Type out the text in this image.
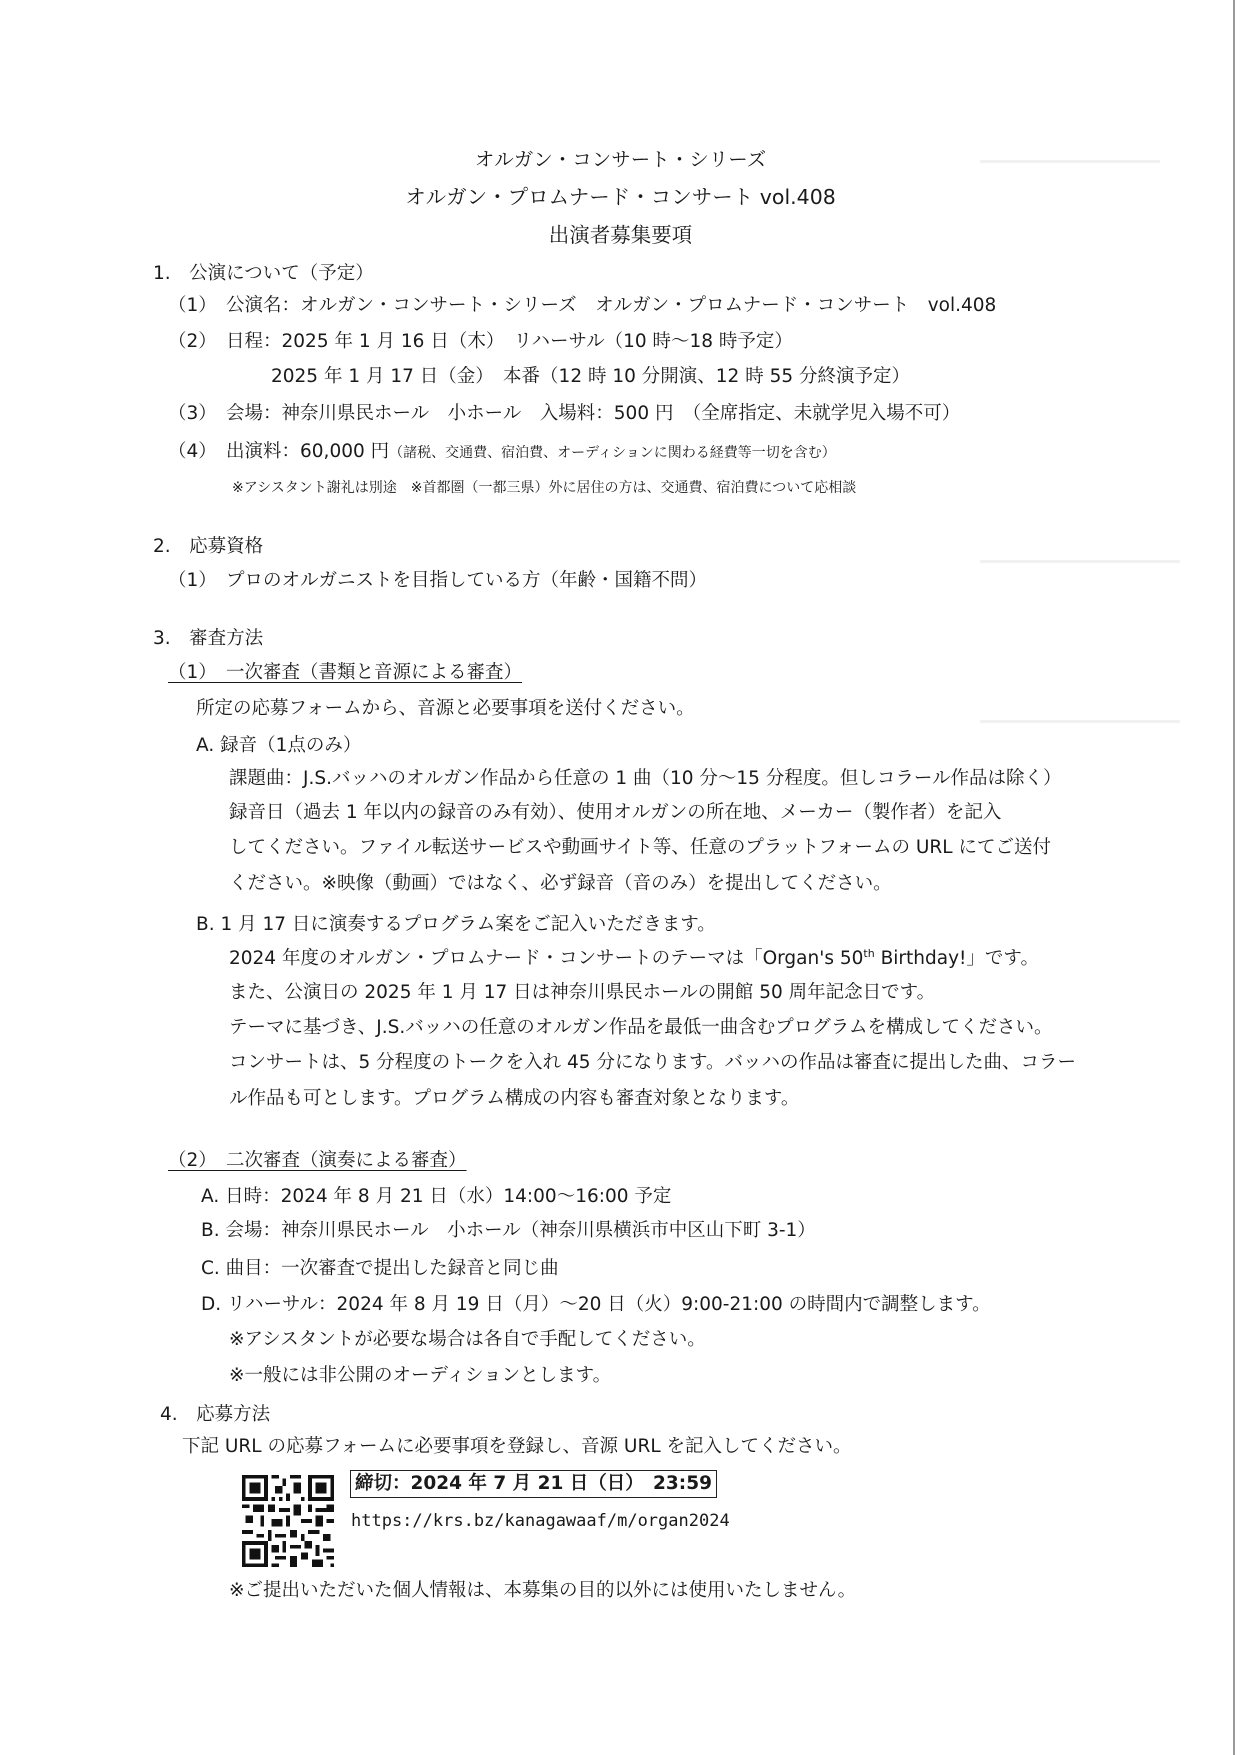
オルガン・コンサート・シリーズ
オルガン・プロムナード・コンサート vol.408
出演者募集要項
1.　公演について（予定）
（1）　公演名：オルガン・コンサート・シリーズ　オルガン・プロムナード・コンサート　vol.408
（2）　日程：2025 年 1 月 16 日（木）　リハーサル（10 時～18 時予定）
2025 年 1 月 17 日（金）　本番（12 時 10 分開演、12 時 55 分終演予定）
（3）　会場：神奈川県民ホール　小ホール　入場料：500 円　（全席指定、未就学児入場不可）
（4）　出演料：60,000 円（諸税、交通費、宿泊費、オーディションに関わる経費等一切を含む）
※アシスタント謝礼は別途　※首都圏（一都三県）外に居住の方は、交通費、宿泊費について応相談
2.　応募資格
（1）　プロのオルガニストを目指している方（年齢・国籍不問）
3.　審査方法
（1）　一次審査（書類と音源による審査）
所定の応募フォームから、音源と必要事項を送付ください。
A. 録音（1点のみ）
課題曲：J.S.バッハのオルガン作品から任意の 1 曲（10 分～15 分程度。但しコラール作品は除く）
録音日（過去 1 年以内の録音のみ有効）、使用オルガンの所在地、メーカー（製作者）を記入
してください。ファイル転送サービスや動画サイト等、任意のプラットフォームの URL にてご送付
ください。※映像（動画）ではなく、必ず録音（音のみ）を提出してください。
B. 1 月 17 日に演奏するプログラム案をご記入いただきます。
2024 年度のオルガン・プロムナード・コンサートのテーマは「Organ's 50th Birthday!」です。
また、公演日の 2025 年 1 月 17 日は神奈川県民ホールの開館 50 周年記念日です。
テーマに基づき、J.S.バッハの任意のオルガン作品を最低一曲含むプログラムを構成してください。
コンサートは、5 分程度のトークを入れ 45 分になります。バッハの作品は審査に提出した曲、コラー
ル作品も可とします。プログラム構成の内容も審査対象となります。
（2）　二次審査（演奏による審査）
A. 日時：2024 年 8 月 21 日（水）14:00～16:00 予定
B. 会場：神奈川県民ホール　小ホール（神奈川県横浜市中区山下町 3-1）
C. 曲目：一次審査で提出した録音と同じ曲
D. リハーサル：2024 年 8 月 19 日（月）～20 日（火）9:00-21:00 の時間内で調整します。
※アシスタントが必要な場合は各自で手配してください。
※一般には非公開のオーディションとします。
4.　応募方法
下記 URL の応募フォームに必要事項を登録し、音源 URL を記入してください。
締切：2024 年 7 月 21 日（日）　23:59
https://krs.bz/kanagawaaf/m/organ2024
※ご提出いただいた個人情報は、本募集の目的以外には使用いたしません。
